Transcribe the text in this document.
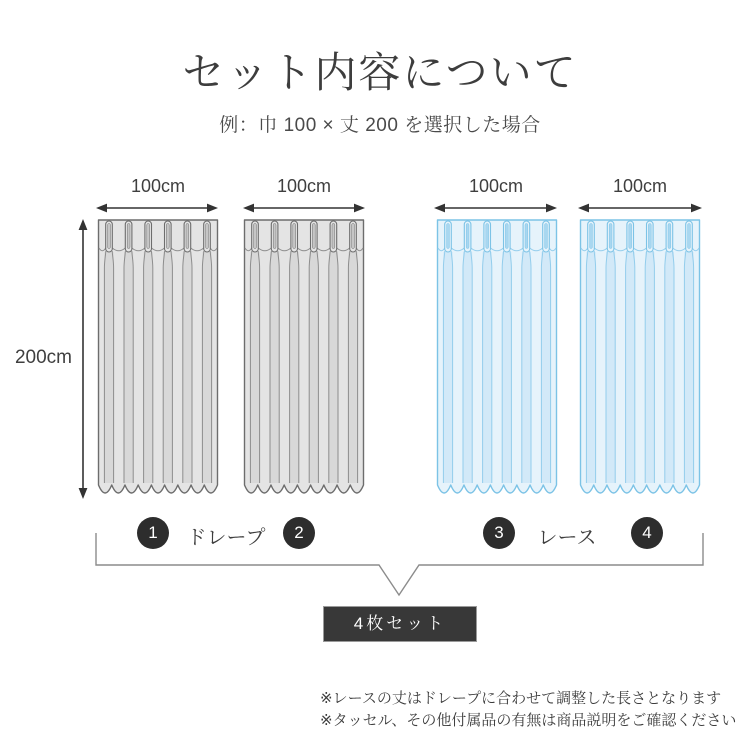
セット内容について
例：巾 100 × 丈 200 を選択した場合
100cm	100cm	100cm	100cm
200cm
1	2	3	4
ドレープ	レース
4枚セット
※レースの丈はドレープに合わせて調整した長さとなります
※タッセル、その他付属品の有無は商品説明をご確認ください
